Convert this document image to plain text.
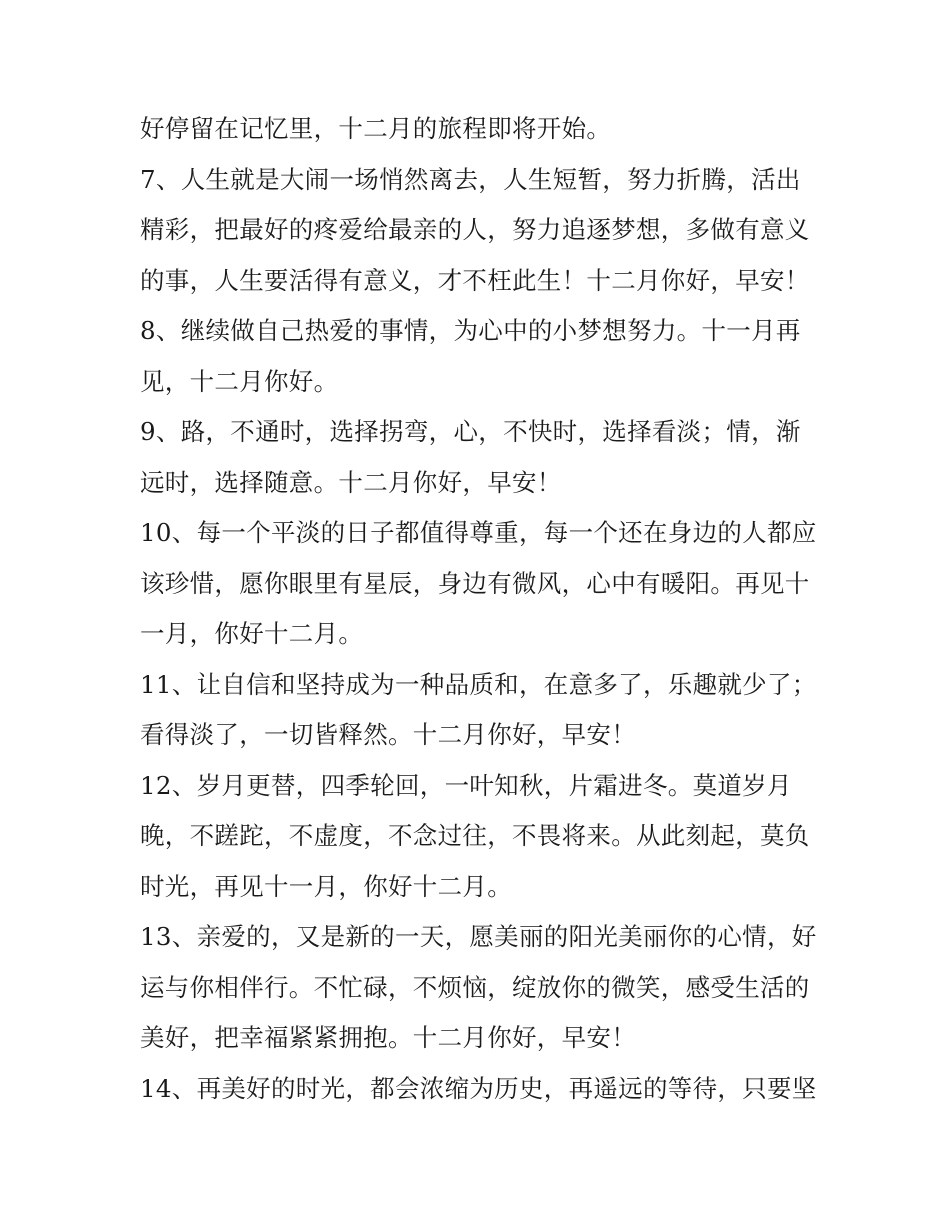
好停留在记忆里，十二月的旅程即将开始。
7、人生就是大闹一场悄然离去，人生短暂，努力折腾，活出
精彩，把最好的疼爱给最亲的人，努力追逐梦想，多做有意义
的事，人生要活得有意义，才不枉此生！十二月你好，早安！
8、继续做自己热爱的事情，为心中的小梦想努力。十一月再
见，十二月你好。
9、路，不通时，选择拐弯，心，不快时，选择看淡；情，渐
远时，选择随意。十二月你好，早安！
10、每一个平淡的日子都值得尊重，每一个还在身边的人都应
该珍惜，愿你眼里有星辰，身边有微风，心中有暖阳。再见十
一月，你好十二月。
11、让自信和坚持成为一种品质和，在意多了，乐趣就少了；
看得淡了，一切皆释然。十二月你好，早安！
12、岁月更替，四季轮回，一叶知秋，片霜进冬。莫道岁月
晚，不蹉跎，不虚度，不念过往，不畏将来。从此刻起，莫负
时光，再见十一月，你好十二月。
13、亲爱的，又是新的一天，愿美丽的阳光美丽你的心情，好
运与你相伴行。不忙碌，不烦恼，绽放你的微笑，感受生活的
美好，把幸福紧紧拥抱。十二月你好，早安！
14、再美好的时光，都会浓缩为历史，再遥远的等待，只要坚
